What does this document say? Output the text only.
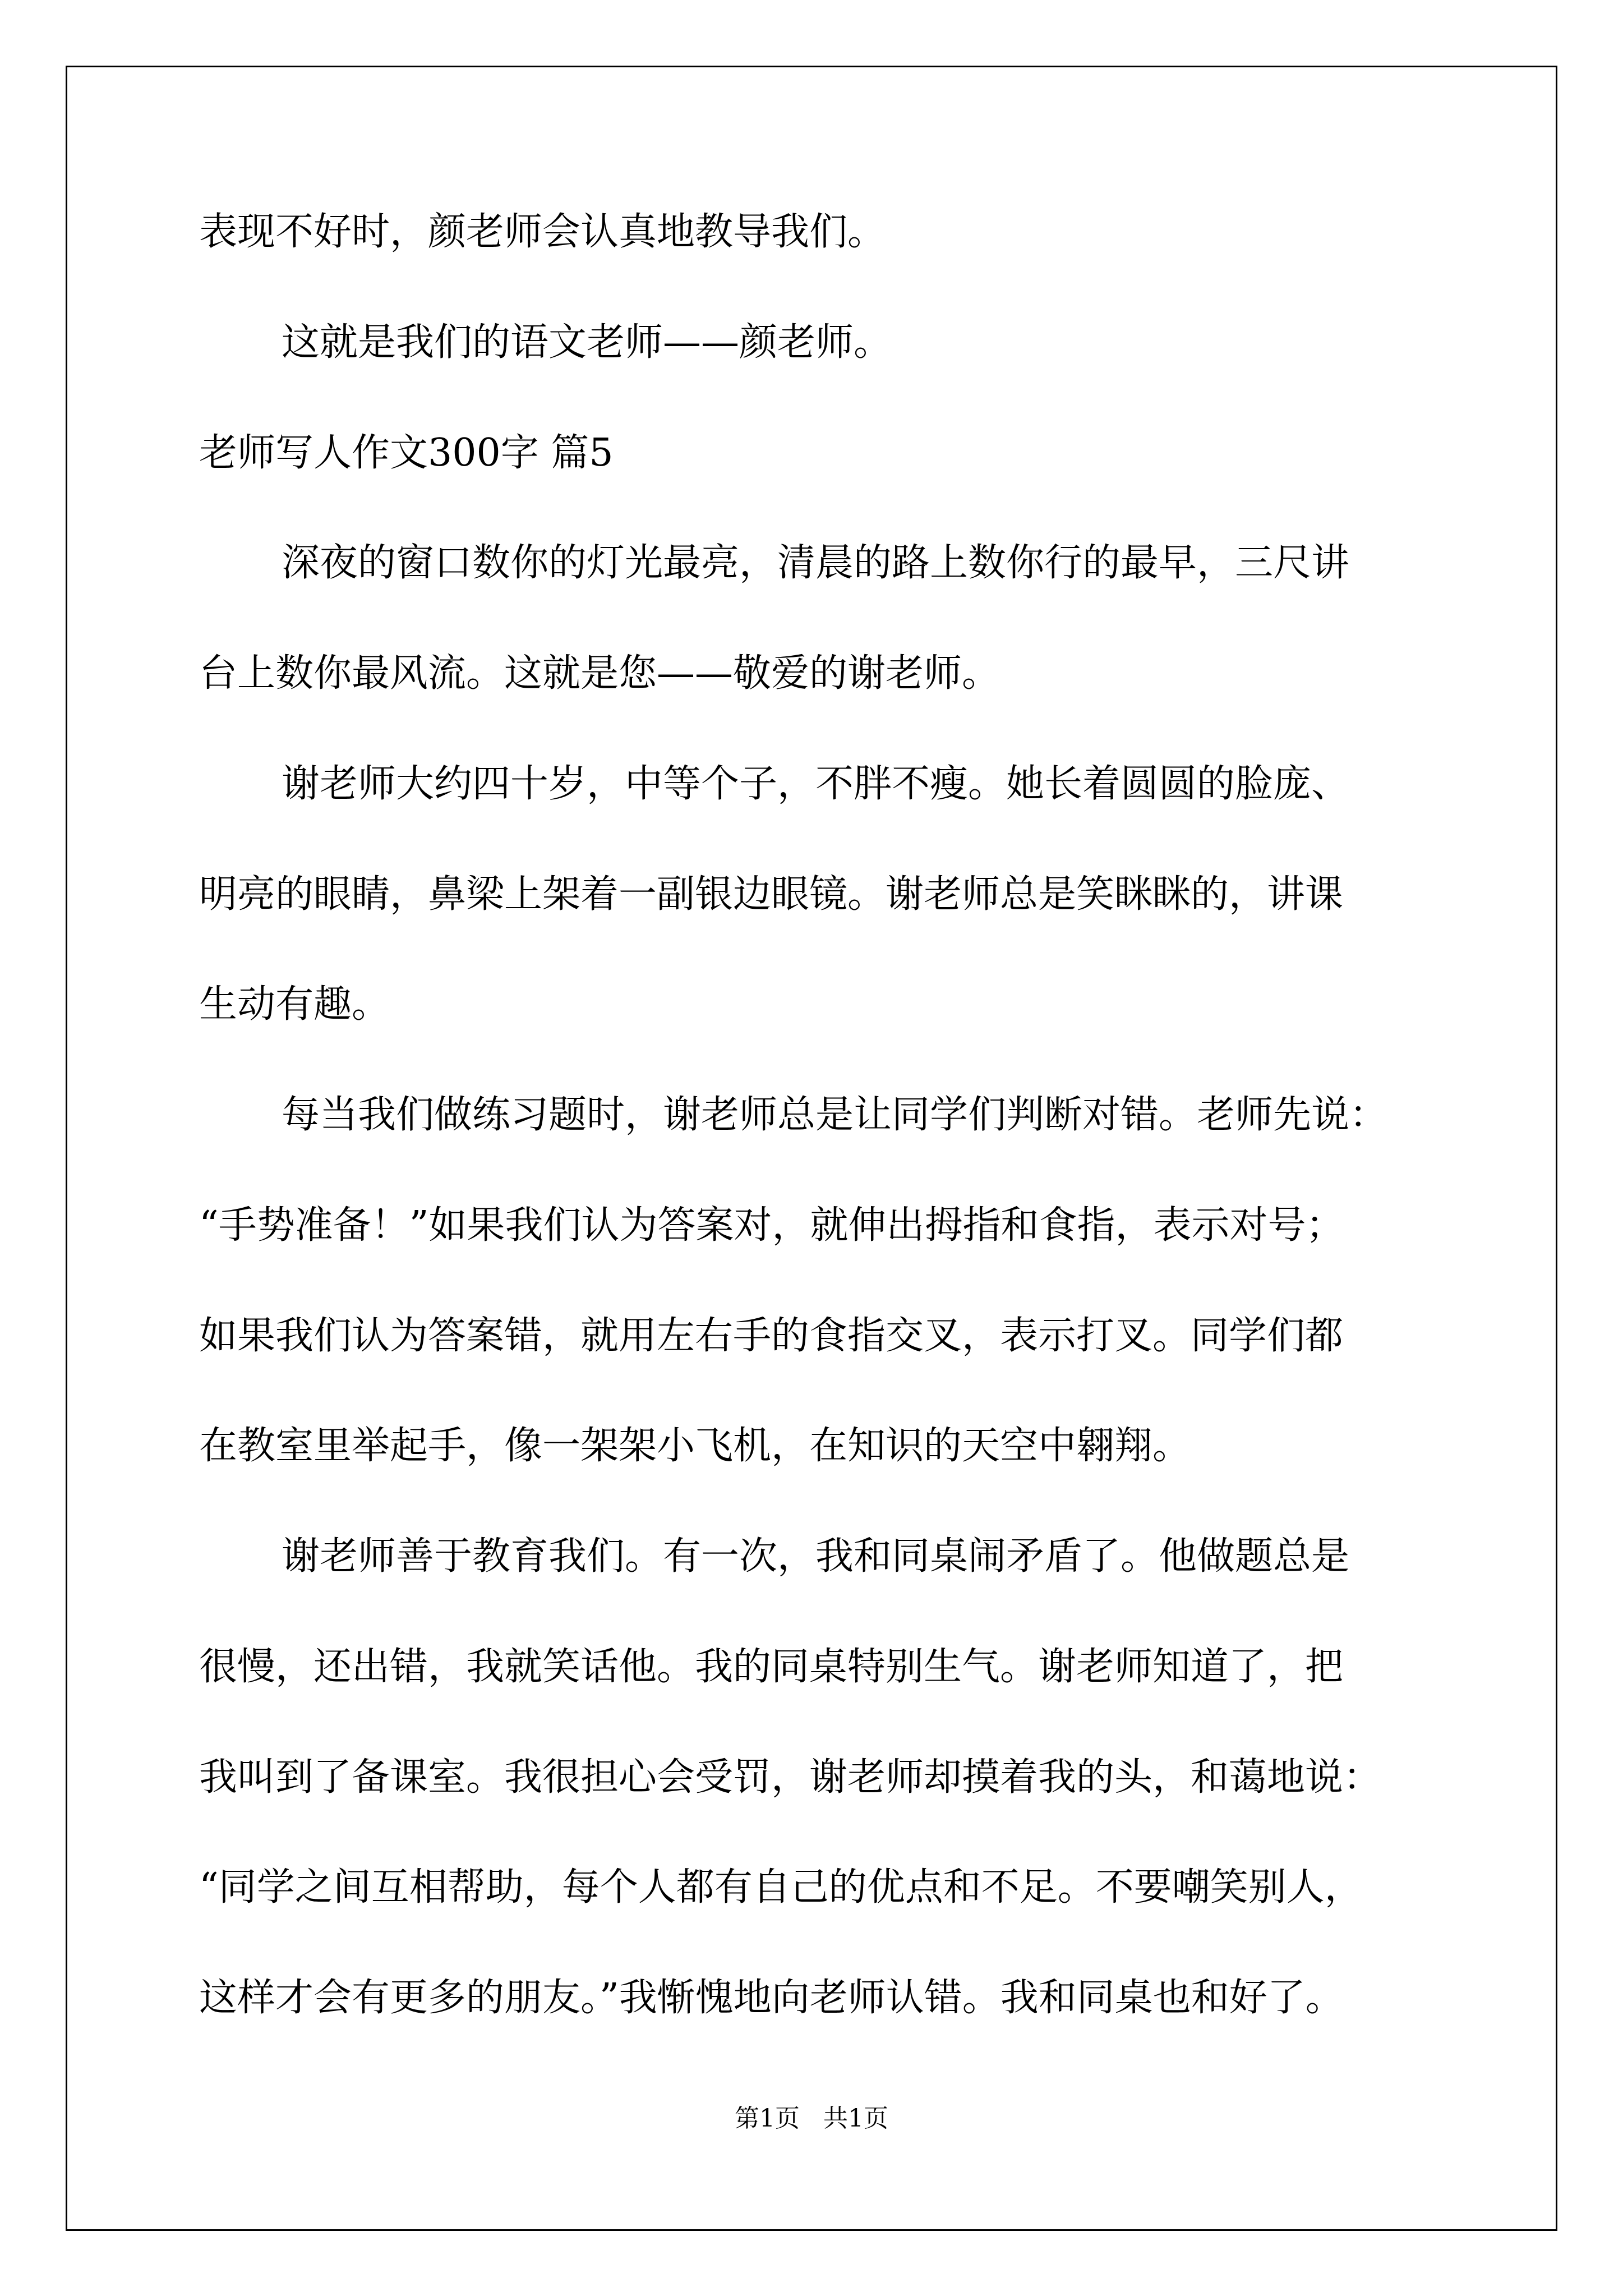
表现不好时，颜老师会认真地教导我们。
这就是我们的语文老师——颜老师。
老师写人作文300字 篇5
深夜的窗口数你的灯光最亮，清晨的路上数你行的最早，三尺讲
台上数你最风流。这就是您——敬爱的谢老师。
谢老师大约四十岁，中等个子，不胖不瘦。她长着圆圆的脸庞、
明亮的眼睛，鼻梁上架着一副银边眼镜。谢老师总是笑眯眯的，讲课
生动有趣。
每当我们做练习题时，谢老师总是让同学们判断对错。老师先说：
“手势准备！”如果我们认为答案对，就伸出拇指和食指，表示对号；
如果我们认为答案错，就用左右手的食指交叉，表示打叉。同学们都
在教室里举起手，像一架架小飞机，在知识的天空中翱翔。
谢老师善于教育我们。有一次，我和同桌闹矛盾了。他做题总是
很慢，还出错，我就笑话他。我的同桌特别生气。谢老师知道了，把
我叫到了备课室。我很担心会受罚，谢老师却摸着我的头，和蔼地说：
“同学之间互相帮助，每个人都有自己的优点和不足。不要嘲笑别人，
这样才会有更多的朋友。”我惭愧地向老师认错。我和同桌也和好了。
第1页   共1页
